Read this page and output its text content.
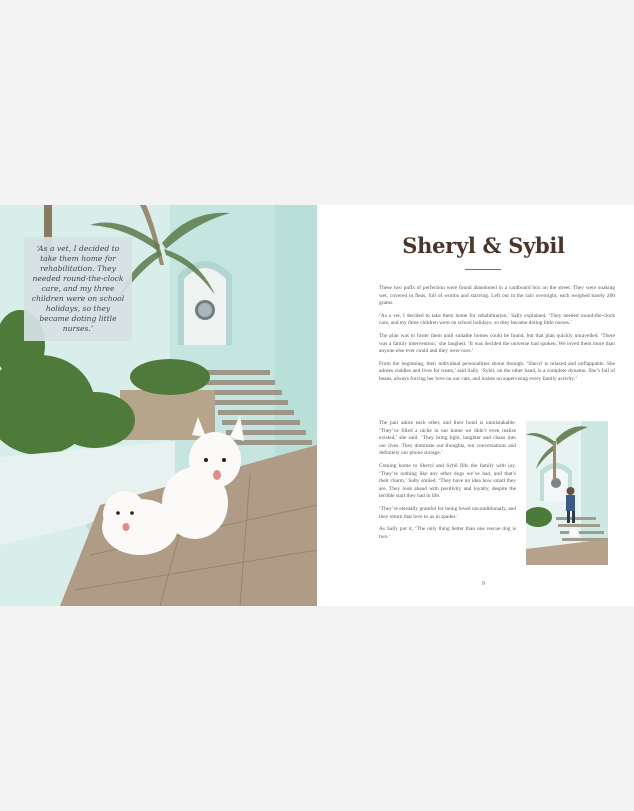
‘As a vet, I decided to take them home for rehabilitation. They needed round-the-clock care, and my three children were on school holidays, so they became doting little nurses.’

Sheryl & Sybil

These two puffs of perfection were found abandoned in a cardboard box on the street. They were soaking wet, covered in fleas, full of worms and starving. Left out in the rain overnight, each weighed barely 200 grams.

‘As a vet, I decided to take them home for rehabilitation,’ Sally explained. ‘They needed round-the-clock care, and my three children were on school holidays, so they became doting little nurses.’

The plan was to foster them until suitable homes could be found, but that plan quickly unravelled. ‘There was a family intervention,’ she laughed. ‘It was decided the universe had spoken. We loved them more than anyone else ever could and they were ours.’

From the beginning, their individual personalities shone through. ‘Sheryl is relaxed and unflappable. She adores cuddles and lives for treats,’ said Sally. ‘Sybil, on the other hand, is a complete dynamo. She’s full of beans, always forcing her love on our cats, and insists on supervising every family activity.’

The pair adore each other, and their bond is unmistakable. ‘They’ve filled a niche in our home we didn’t even realise existed,’ she said. ‘They bring light, laughter and chaos into our lives. They dominate our thoughts, our conversations and definitely our phone storage.’

Coming home to Sheryl and Sybil fills the family with joy. ‘They’re nothing like any other dogs we’ve had, and that’s their charm,’ Sally smiled. ‘They have no idea how small they are. They look ahead with positivity and loyalty, despite the terrible start they had in life.

‘They’re eternally grateful for being loved unconditionally, and they return that love to us in spades.’

As Sally put it, ‘The only thing better than one rescue dog is two.’

9
